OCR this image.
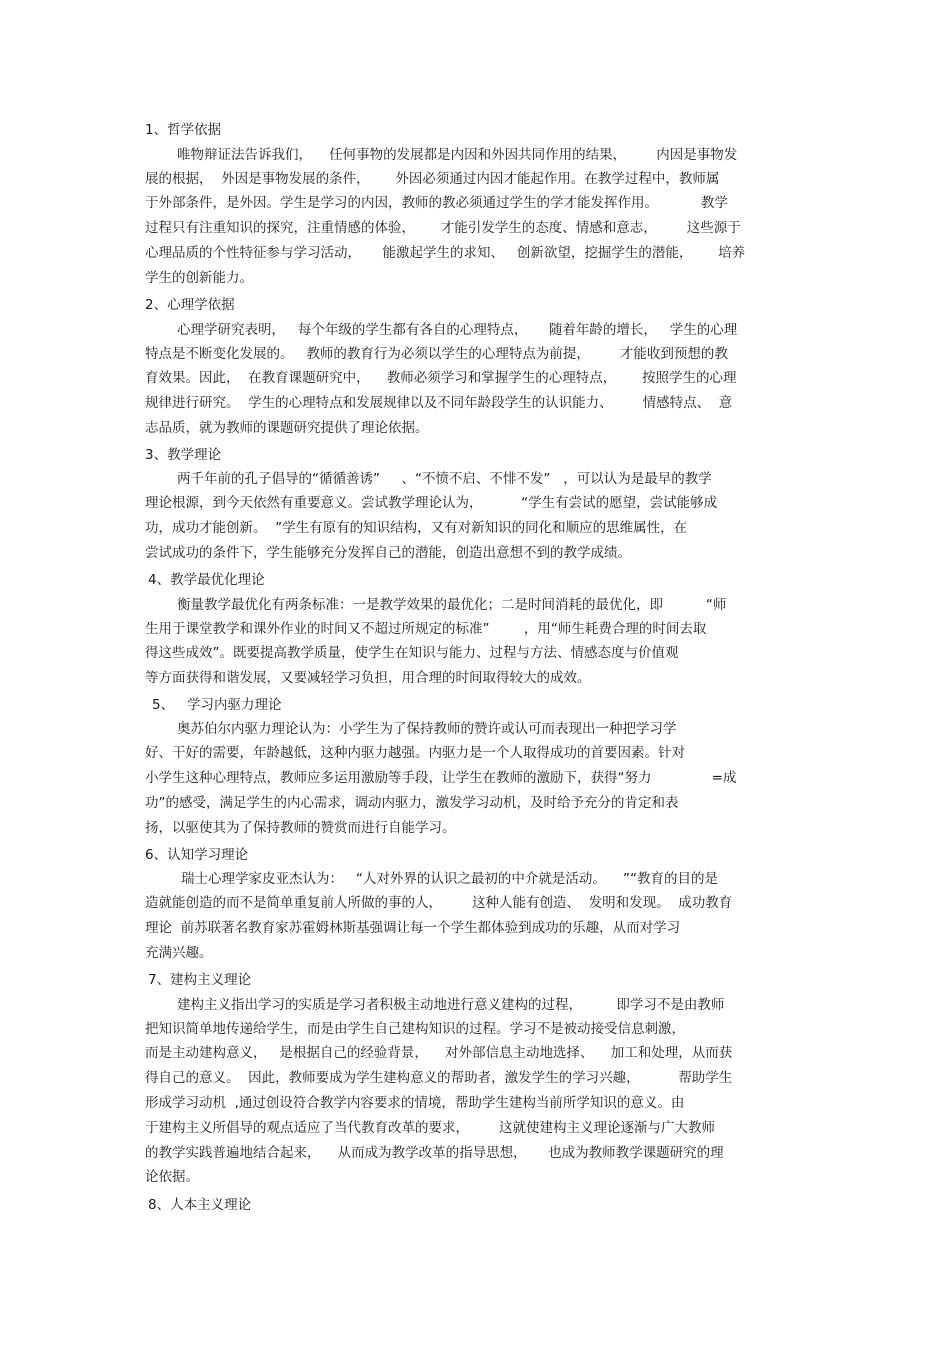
1、哲学依据
唯物辩证法告诉我们，    任何事物的发展都是内因和外因共同作用的结果，       内因是事物发
展的根据，  外因是事物发展的条件，      外因必须通过内因才能起作用。在教学过程中，教师属
于外部条件，是外因。学生是学习的内因，教师的教必须通过学生的学才能发挥作用。          教学
过程只有注重知识的探究，注重情感的体验，      才能引发学生的态度、情感和意志，       这些源于
心理品质的个性特征参与学习活动，     能激起学生的求知、   创新欲望，挖掘学生的潜能，      培养
学生的创新能力。
2、心理学依据
心理学研究表明，   每个年级的学生都有各自的心理特点，     随着年龄的增长，   学生的心理
特点是不断变化发展的。   教师的教育行为必须以学生的心理特点为前提，       才能收到预想的教
育效果。因此，  在教育课题研究中，    教师必须学习和掌握学生的心理特点，      按照学生的心理
规律进行研究。  学生的心理特点和发展规律以及不同年龄段学生的认识能力、       情感特点、  意
志品质，就为教师的课题研究提供了理论依据。
3、教学理论
两千年前的孔子倡导的“循循善诱”     、“不愤不启、不悱不发”   ，可以认为是最早的教学
理论根源，到今天依然有重要意义。尝试教学理论认为，         “学生有尝试的愿望，尝试能够成
功，成功才能创新。  ”学生有原有的知识结构，又有对新知识的同化和顺应的思维属性，在
尝试成功的条件下，学生能够充分发挥自己的潜能，创造出意想不到的教学成绩。
4、教学最优化理论
衡量教学最优化有两条标准：一是教学效果的最优化；二是时间消耗的最优化，即          “师
生用于课堂教学和课外作业的时间又不超过所规定的标准”        ，用“师生耗费合理的时间去取
得这些成效”。既要提高教学质量，使学生在知识与能力、过程与方法、情感态度与价值观
等方面获得和谐发展，又要减轻学习负担，用合理的时间取得较大的成效。
5、   学习内驱力理论
奥苏伯尔内驱力理论认为：小学生为了保持教师的赞许或认可而表现出一种把学习学
好、干好的需要，年龄越低，这种内驱力越强。内驱力是一个人取得成功的首要因素。针对
小学生这种心理特点，教师应多运用激励等手段，让学生在教师的激励下，获得“努力              =成
功”的感受，满足学生的内心需求，调动内驱力，激发学习动机，及时给予充分的肯定和表
扬，以驱使其为了保持教师的赞赏而进行自能学习。
6、认知学习理论
瑞士心理学家皮亚杰认为：   “人对外界的认识之最初的中介就是活动。    ”“教育的目的是
造就能创造的而不是简单重复前人所做的事的人，       这种人能有创造、  发明和发现。  成功教育
理论  前苏联著名教育家苏霍姆林斯基强调让每一个学生都体验到成功的乐趣，从而对学习
充满兴趣。
7、建构主义理论
建构主义指出学习的实质是学习者积极主动地进行意义建构的过程，        即学习不是由教师
把知识简单地传递给学生，而是由学生自己建构知识的过程。学习不是被动接受信息刺激，
而是主动建构意义，   是根据自己的经验背景，    对外部信息主动地选择、    加工和处理，从而获
得自己的意义。  因此，教师要成为学生建构意义的帮助者，激发学生的学习兴趣，         帮助学生
形成学习动机  ,通过创设符合教学内容要求的情境，帮助学生建构当前所学知识的意义。由
于建构主义所倡导的观点适应了当代教育改革的要求，       这就使建构主义理论逐渐与广大教师
的教学实践普遍地结合起来，    从而成为教学改革的指导思想，     也成为教师教学课题研究的理
论依据。
8、人本主义理论
